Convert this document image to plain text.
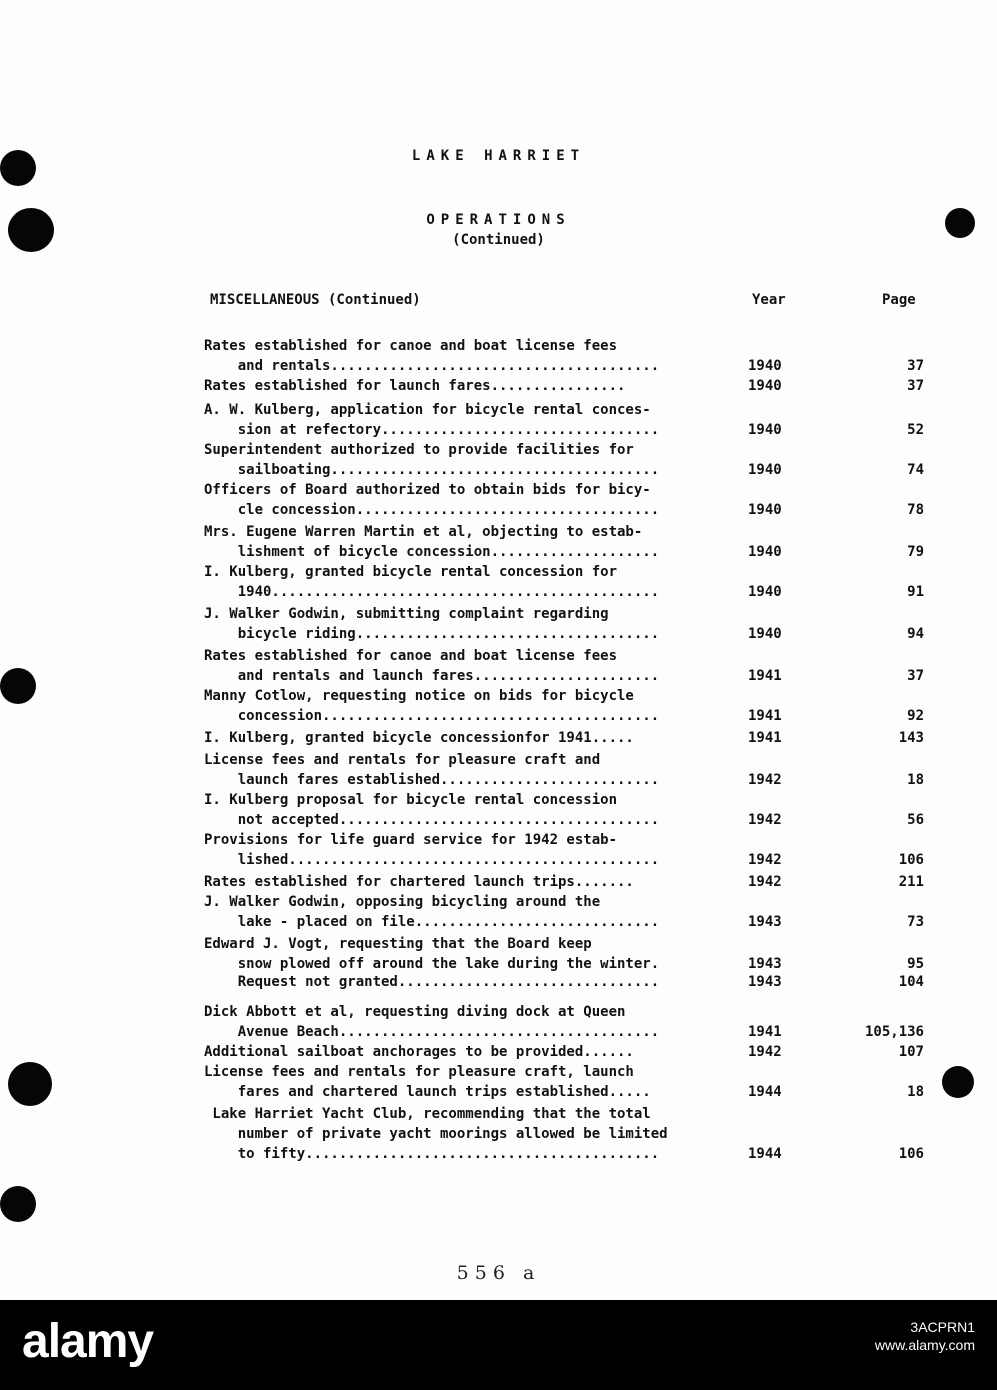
LAKE HARRIET
OPERATIONS
(Continued)
MISCELLANEOUS (Continued)	Year	Page
Rates established for canoe and boat license fees
and rentals.......................................	1940	37
Rates established for launch fares................	1940	37
A. W. Kulberg, application for bicycle rental conces-
sion at refectory.................................	1940	52
Superintendent authorized to provide facilities for
sailboating.......................................	1940	74
Officers of Board authorized to obtain bids for bicy-
cle concession....................................	1940	78
Mrs. Eugene Warren Martin et al, objecting to estab-
lishment of bicycle concession....................	1940	79
I. Kulberg, granted bicycle rental concession for
1940..............................................	1940	91
J. Walker Godwin, submitting complaint regarding
bicycle riding....................................	1940	94
Rates established for canoe and boat license fees
and rentals and launch fares......................	1941	37
Manny Cotlow, requesting notice on bids for bicycle
concession........................................	1941	92
I. Kulberg, granted bicycle concessionfor 1941.....	1941	143
License fees and rentals for pleasure craft and
launch fares established..........................	1942	18
I. Kulberg proposal for bicycle rental concession
not accepted......................................	1942	56
Provisions for life guard service for 1942 estab-
lished............................................	1942	106
Rates established for chartered launch trips.......	1942	211
J. Walker Godwin, opposing bicycling around the
lake - placed on file.............................	1943	73
Edward J. Vogt, requesting that the Board keep
snow plowed off around the lake during the winter.	1943	95
Request not granted...............................	1943	104
Dick Abbott et al, requesting diving dock at Queen
Avenue Beach......................................	1941	105,136
Additional sailboat anchorages to be provided......	1942	107
License fees and rentals for pleasure craft, launch
fares and chartered launch trips established.....	1944	18
Lake Harriet Yacht Club, recommending that the total
number of private yacht moorings allowed be limited
to fifty..........................................	1944	106
556 a
alamy	3ACPRN1
www.alamy.com
